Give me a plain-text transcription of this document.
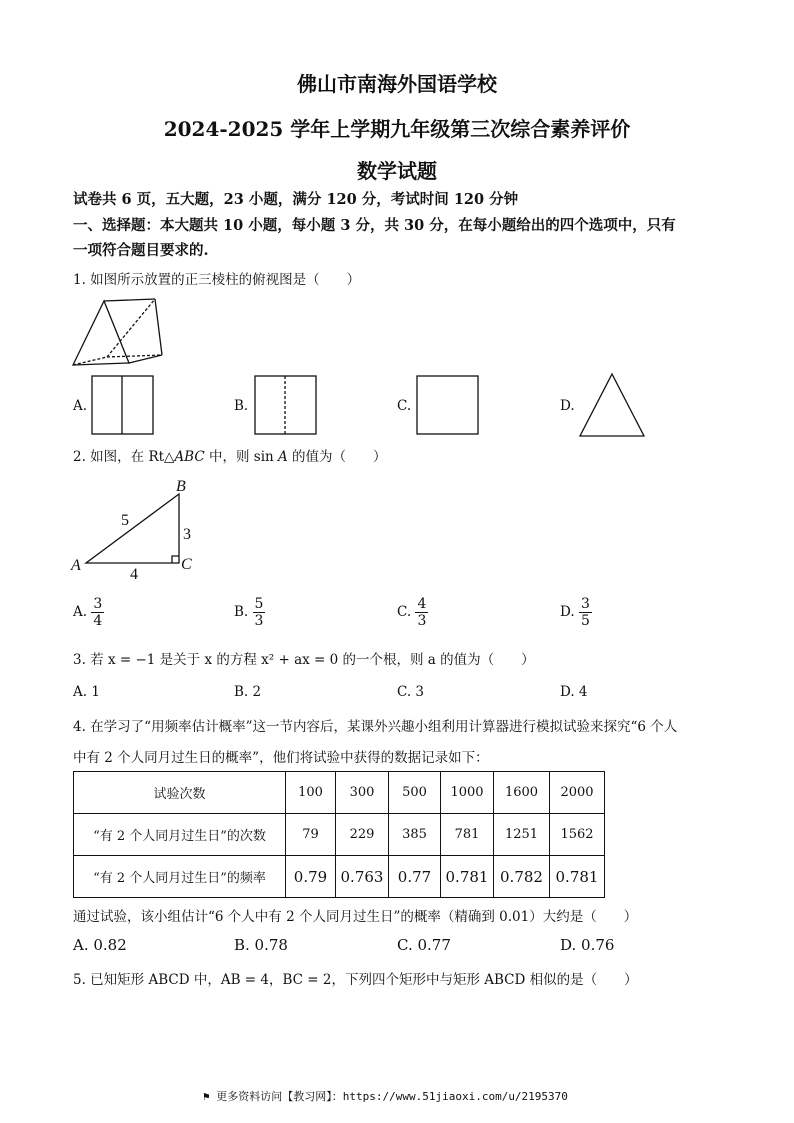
佛山市南海外国语学校
2024-2025 学年上学期九年级第三次综合素养评价
数学试题
试卷共 6 页，五大题，23 小题，满分 120 分，考试时间 120 分钟
一、选择题：本大题共 10 小题，每小题 3 分，共 30 分，在每小题给出的四个选项中，只有
一项符合题目要求的.
1. 如图所示放置的正三棱柱的俯视图是（　　）
A.	B.	C.	D.
2. 如图，在 Rt△ABC 中，则 sin A 的值为（　　）
B
A	C
5
3
4
A. $\frac{3}{4}$	B. $\frac{5}{3}$	C. $\frac{4}{3}$	D. $\frac{3}{5}$
3. 若 x = −1 是关于 x 的方程 x² + ax = 0 的一个根，则 a 的值为（　　）
A. 1	B. 2	C. 3	D. 4
4. 在学习了“用频率估计概率”这一节内容后，某课外兴趣小组利用计算器进行模拟试验来探究“6 个人
中有 2 个人同月过生日的概率”，他们将试验中获得的数据记录如下：
试验次数	100	300	500	1000	1600	2000
“有 2 个人同月过生日”的次数	79	229	385	781	1251	1562
“有 2 个人同月过生日”的频率	0.79	0.763	0.77	0.781	0.782	0.781
通过试验，该小组估计“6 个人中有 2 个人同月过生日”的概率（精确到 0.01）大约是（　　）
A. 0.82	B. 0.78	C. 0.77	D. 0.76
5. 已知矩形 ABCD 中，AB = 4，BC = 2，下列四个矩形中与矩形 ABCD 相似的是（　　）
⚑ 更多资料访问【教习网】：https://www.51jiaoxi.com/u/2195370
